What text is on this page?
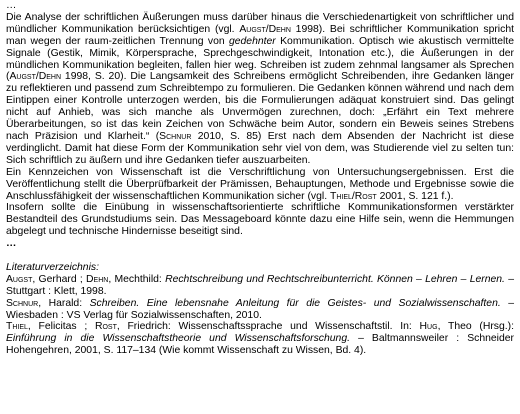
…

Die Analyse der schriftlichen Äußerungen muss darüber hinaus die Verschiedenartigkeit von schriftlicher und mündlicher Kommunikation berücksichtigen (vgl. Augst/Dehn 1998). Bei schriftlicher Kommunikation spricht man wegen der raum-zeitlichen Trennung von gedehnter Kommunikation. Optisch wie akustisch vermittelte Signale (Gestik, Mimik, Körpersprache, Sprechgeschwindigkeit, Intonation etc.), die Äußerungen in der mündlichen Kommunikation begleiten, fallen hier weg. Schreiben ist zudem zehnmal langsamer als Sprechen (Augst/Dehn 1998, S. 20). Die Langsamkeit des Schreibens ermöglicht Schreibenden, ihre Gedanken länger zu reflektieren und passend zum Schreibtempo zu formulieren. Die Gedanken können während und nach dem Eintippen einer Kontrolle unterzogen werden, bis die Formulierungen adäquat konstruiert sind. Das gelingt nicht auf Anhieb, was sich manche als Unvermögen zurechnen, doch: „Erfährt ein Text mehrere Überarbeitungen, so ist das kein Zeichen von Schwäche beim Autor, sondern ein Beweis seines Strebens nach Präzision und Klarheit.“ (Schnur 2010, S. 85) Erst nach dem Absenden der Nachricht ist diese verdinglicht. Damit hat diese Form der Kommunikation sehr viel von dem, was Studierende viel zu selten tun: Sich schriftlich zu äußern und ihre Gedanken tiefer auszuarbeiten.

Ein Kennzeichen von Wissenschaft ist die Verschriftlichung von Untersuchungsergebnissen. Erst die Veröffentlichung stellt die Überprüfbarkeit der Prämissen, Behauptungen, Methode und Ergebnisse sowie die Anschlussfähigkeit der wissenschaftlichen Kommunikation sicher (vgl. Thiel/Rost 2001, S. 121 f.).

Insofern sollte die Einübung in wissenschaftsorientierte schriftliche Kommunikationsformen verstärkter Bestandteil des Grundstudiums sein. Das Messageboard könnte dazu eine Hilfe sein, wenn die Hemmungen abgelegt und technische Hindernisse beseitigt sind.

…

Literaturverzeichnis:

Augst, Gerhard ; Dehn, Mechthild: Rechtschreibung und Rechtschreibunterricht. Können – Lehren – Lernen. – Stuttgart : Klett, 1998.

Schnur, Harald: Schreiben. Eine lebensnahe Anleitung für die Geistes- und Sozialwissenschaften. – Wiesbaden : VS Verlag für Sozialwissenschaften, 2010.

Thiel, Felicitas ; Rost, Friedrich: Wissenschaftssprache und Wissenschaftstil. In: Hug, Theo (Hrsg.): Einführung in die Wissenschaftstheorie und Wissenschaftsforschung. – Baltmannsweiler : Schneider Hohengehren, 2001, S. 117–134 (Wie kommt Wissenschaft zu Wissen, Bd. 4).
